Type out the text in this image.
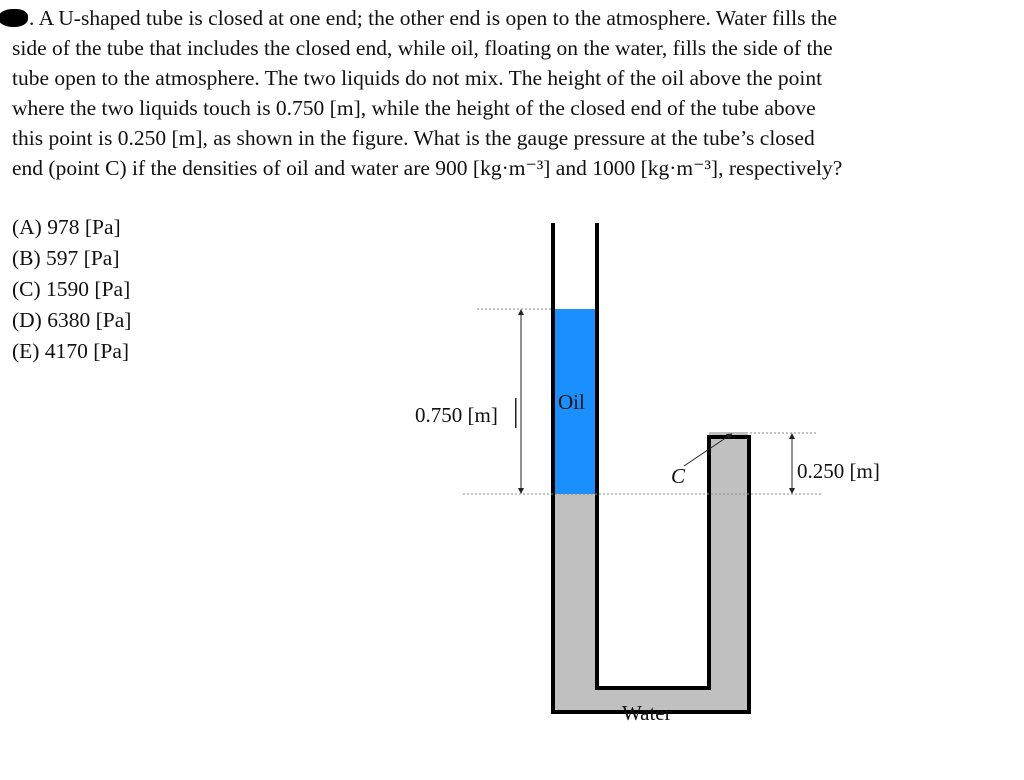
. A U-shaped tube is closed at one end; the other end is open to the atmosphere. Water fills the
side of the tube that includes the closed end, while oil, floating on the water, fills the side of the
tube open to the atmosphere. The two liquids do not mix. The height of the oil above the point
where the two liquids touch is 0.750 [m], while the height of the closed end of the tube above
this point is 0.250 [m], as shown in the figure. What is the gauge pressure at the tube’s closed
end (point C) if the densities of oil and water are 900 [kg·m⁻³] and 1000 [kg·m⁻³], respectively?
(A) 978 [Pa]
(B) 597 [Pa]
(C) 1590 [Pa]
(D) 6380 [Pa]
(E) 4170 [Pa]
Oil
Water
C
0.750 [m]
0.250 [m]
